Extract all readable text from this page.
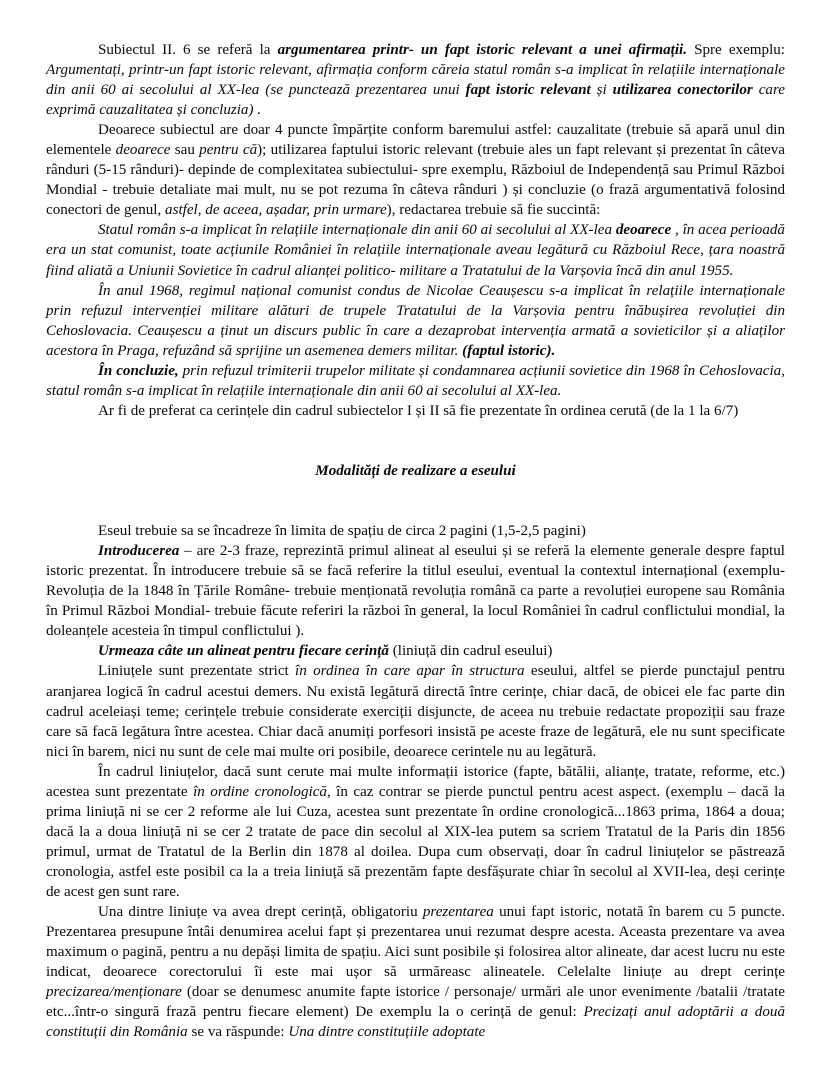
Subiectul II. 6 se referă la argumentarea printr- un fapt istoric relevant a unei afirmații. Spre exemplu: Argumentați, printr-un fapt istoric relevant, afirmația conform căreia statul român s-a implicat în relațiile internaționale din anii 60 ai secolului al XX-lea (se punctează prezentarea unui fapt istoric relevant și utilizarea conectorilor care exprimă cauzalitatea și concluzia) .

Deoarece subiectul are doar 4 puncte împărțite conform baremului astfel: cauzalitate (trebuie să apară unul din elementele deoarece sau pentru că); utilizarea faptului istoric relevant (trebuie ales un fapt relevant și prezentat în câteva rânduri (5-15 rânduri)- depinde de complexitatea subiectului- spre exemplu, Războiul de Independență sau Primul Război Mondial - trebuie detaliate mai mult, nu se pot rezuma în câteva rânduri ) și concluzie (o frază argumentativă folosind conectori de genul, astfel, de aceea, așadar, prin urmare), redactarea trebuie să fie succintă:

Statul român s-a implicat în relațiile internaționale din anii 60 ai secolului al XX-lea deoarece , în acea perioadă era un stat comunist, toate acțiunile României în relațiile internaționale aveau legătură cu Războiul Rece, țara noastră fiind aliată a Uniunii Sovietice în cadrul alianței politico- militare a Tratatului de la Varșovia încă din anul 1955.

În anul 1968, regimul național comunist condus de Nicolae Ceaușescu s-a implicat în relațiile internaționale prin refuzul intervenției militare alături de trupele Tratatului de la Varșovia pentru înăbușirea revoluției din Cehoslovacia. Ceaușescu a ținut un discurs public în care a dezaprobat intervenția armată a sovieticilor și a aliaților acestora în Praga, refuzând să sprijine un asemenea demers militar. (faptul istoric).

În concluzie, prin refuzul trimiterii trupelor militate și condamnarea acțiunii sovietice din 1968 în Cehoslovacia, statul român s-a implicat în relațiile internaționale din anii 60 ai secolului al XX-lea.

Ar fi de preferat ca cerințele din cadrul subiectelor I și II să fie prezentate în ordinea cerută (de la 1 la 6/7)

Modalități de realizare a eseului

Eseul trebuie sa se încadreze în limita de spațiu de circa 2 pagini (1,5-2,5 pagini)

Introducerea – are 2-3 fraze, reprezintă primul alineat al eseului și se referă la elemente generale despre faptul istoric prezentat. În introducere trebuie să se facă referire la titlul eseului, eventual la contextul internațional (exemplu- Revoluția de la 1848 în Țările Române- trebuie menționată revoluția română ca parte a revoluției europene sau România în Primul Război Mondial- trebuie făcute referiri la război în general, la locul României în cadrul conflictului mondial, la doleanțele acesteia în timpul conflictului ).

Urmeaza câte un alineat pentru fiecare cerință (liniuță din cadrul eseului)

Liniuțele sunt prezentate strict în ordinea în care apar în structura eseului, altfel se pierde punctajul pentru aranjarea logică în cadrul acestui demers. Nu există legătură directă între cerințe, chiar dacă, de obicei ele fac parte din cadrul aceleiași teme; cerințele trebuie considerate exerciții disjuncte, de aceea nu trebuie redactate propoziții sau fraze care să facă legătura între acestea. Chiar dacă anumiți porfesori insistă pe aceste fraze de legătură, ele nu sunt specificate nici în barem, nici nu sunt de cele mai multe ori posibile, deoarece cerintele nu au legătură.

În cadrul liniuțelor, dacă sunt cerute mai multe informații istorice (fapte, bătălii, alianțe, tratate, reforme, etc.) acestea sunt prezentate în ordine cronologică, în caz contrar se pierde punctul pentru acest aspect. (exemplu – dacă la prima liniuță ni se cer 2 reforme ale lui Cuza, acestea sunt prezentate în ordine cronologică...1863 prima, 1864 a doua; dacă la a doua liniuță ni se cer 2 tratate de pace din secolul al XIX-lea putem sa scriem Tratatul de la Paris din 1856 primul, urmat de Tratatul de la Berlin din 1878 al doilea. Dupa cum observați, doar în cadrul liniuțelor se păstrează cronologia, astfel este posibil ca la a treia liniuță să prezentăm fapte desfășurate chiar în secolul al XVII-lea, deși cerințe de acest gen sunt rare.

Una dintre liniuțe va avea drept cerință, obligatoriu prezentarea unui fapt istoric, notată în barem cu 5 puncte. Prezentarea presupune întâi denumirea acelui fapt și prezentarea unui rezumat despre acesta. Aceasta prezentare va avea maximum o pagină, pentru a nu depăși limita de spațiu. Aici sunt posibile și folosirea altor alineate, dar acest lucru nu este indicat, deoarece corectorului îi este mai ușor să urmăreasc alineatele. Celelalte liniuțe au drept cerințe precizarea/menționare (doar se denumesc anumite fapte istorice / personaje/ urmări ale unor evenimente /batalii /tratate etc...într-o singură frază pentru fiecare element) De exemplu la o cerință de genul: Precizați anul adoptării a două constituții din România se va răspunde: Una dintre constituțiile adoptate
